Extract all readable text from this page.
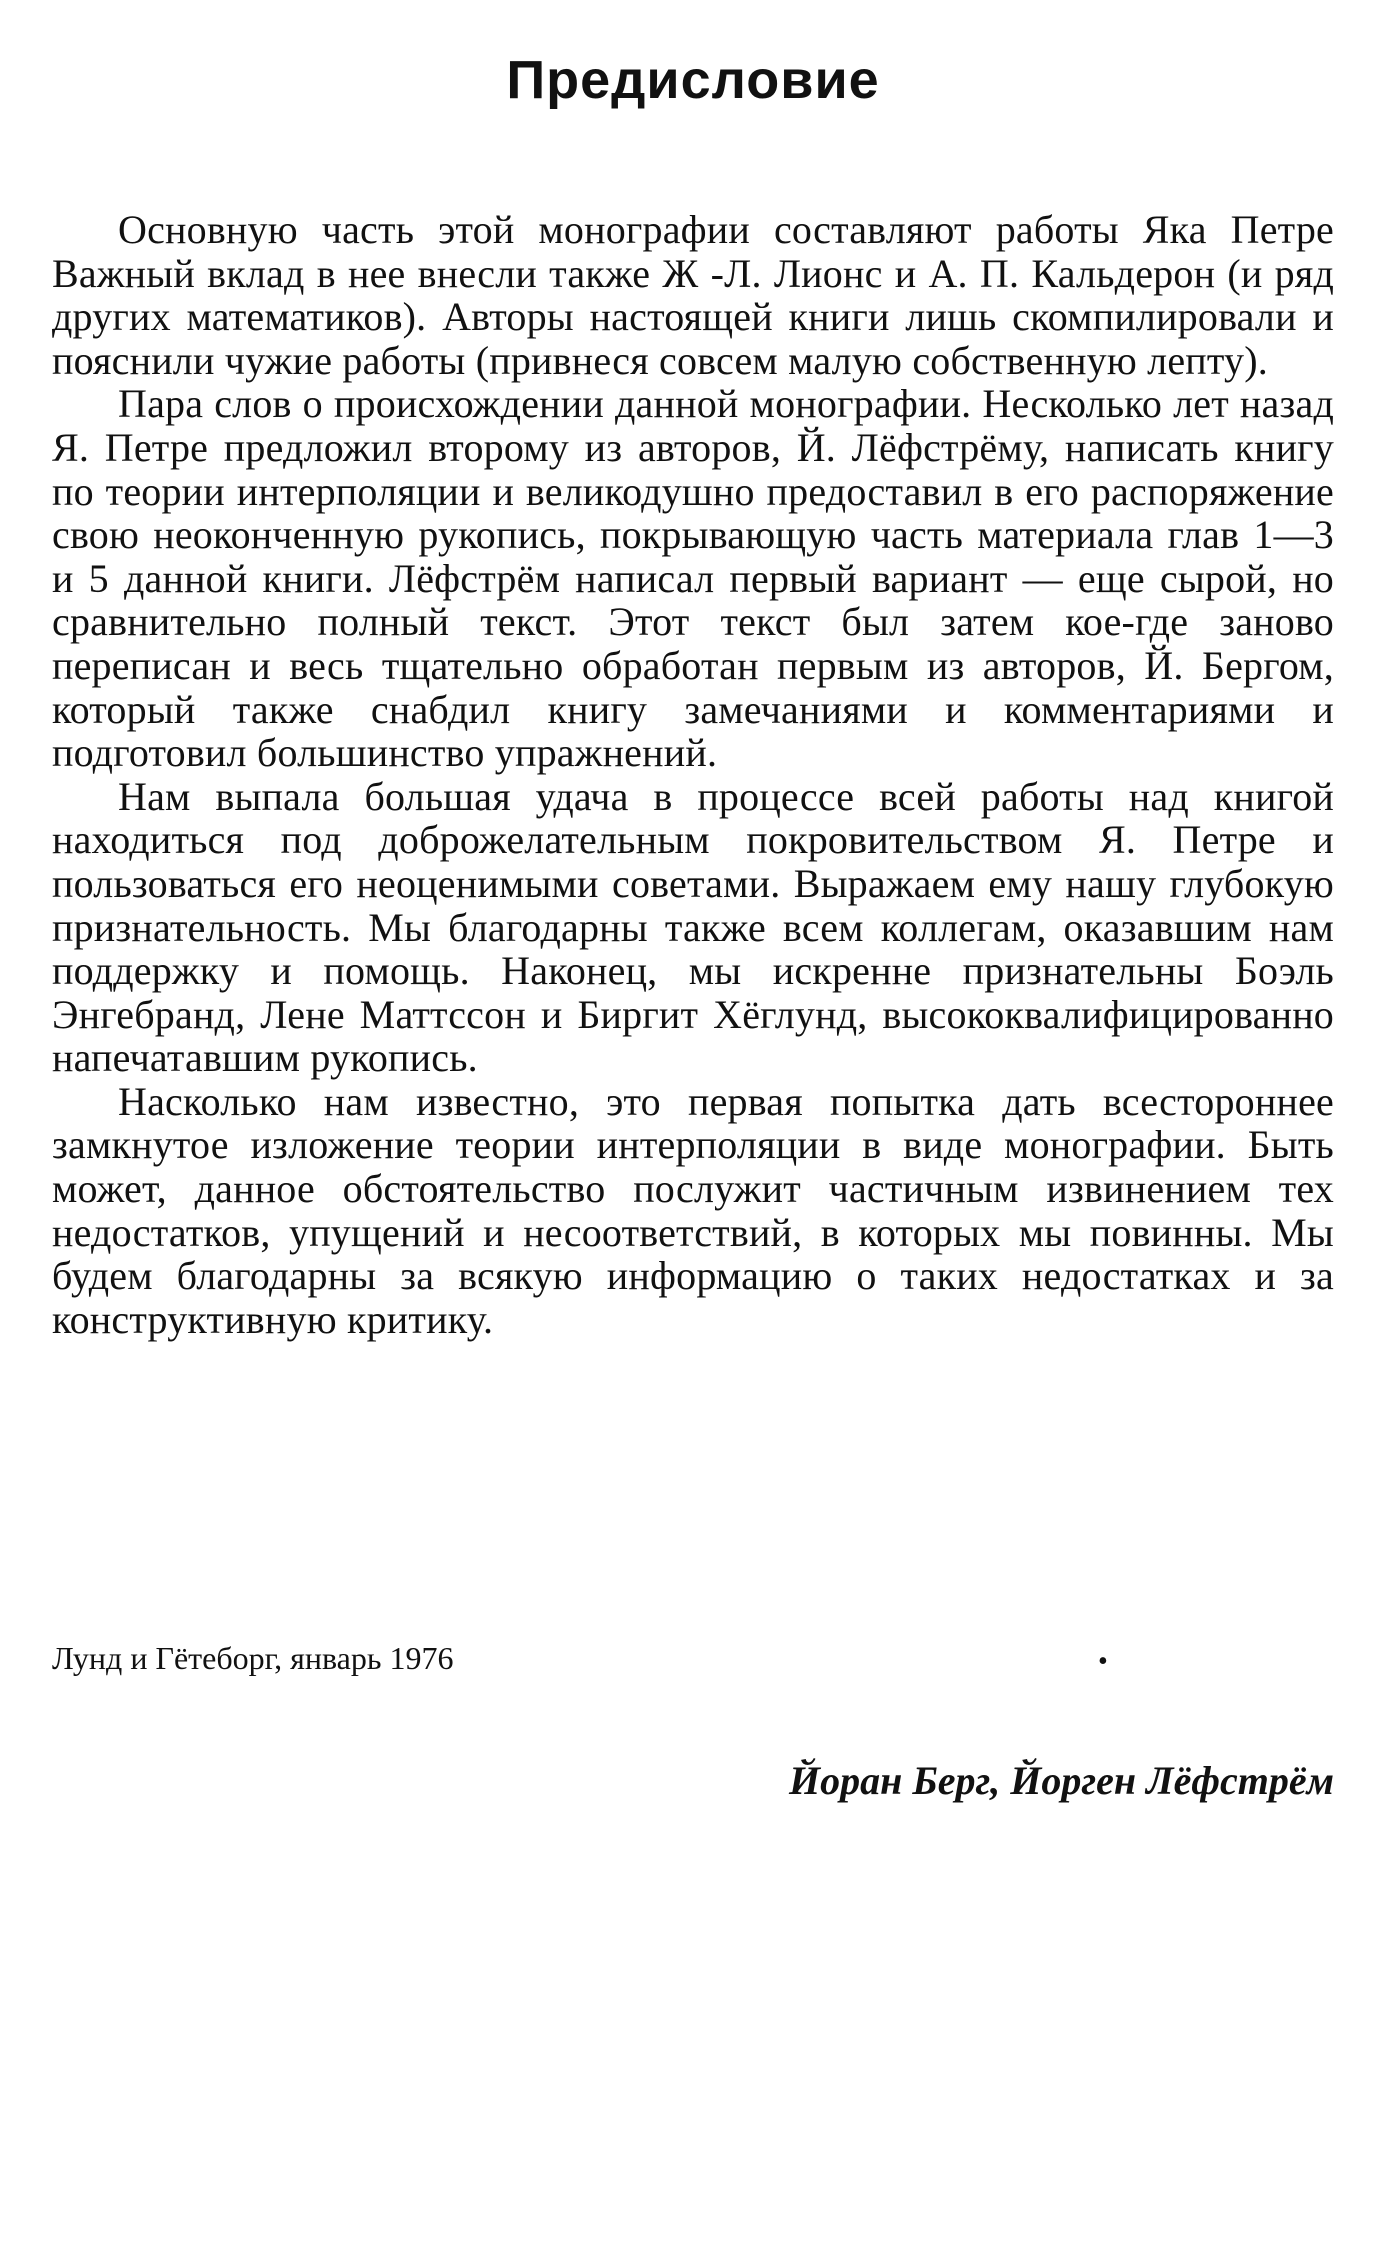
Предисловие

Основную часть этой монографии составляют работы Яка Петре Важный вклад в нее внесли также Ж -Л. Лионс и А. П. Кальдерон (и ряд других математиков). Авторы настоящей книги лишь скомпилировали и пояснили чужие работы (привнеся совсем малую собственную лепту).

Пара слов о происхождении данной монографии. Несколько лет назад Я. Петре предложил второму из авторов, Й. Лёфстрёму, написать книгу по теории интерполяции и великодушно предоставил в его распоряжение свою неоконченную рукопись, покрывающую часть материала глав 1—3 и 5 данной книги. Лёфстрём написал первый вариант — еще сырой, но сравнительно полный текст. Этот текст был затем кое-где заново переписан и весь тщательно обработан первым из авторов, Й. Бергом, который также снабдил книгу замечаниями и комментариями и подготовил большинство упражнений.

Нам выпала большая удача в процессе всей работы над книгой находиться под доброжелательным покровительством Я. Петре и пользоваться его неоценимыми советами. Выражаем ему нашу глубокую признательность. Мы благодарны также всем коллегам, оказавшим нам поддержку и помощь. Наконец, мы искренне признательны Боэль Энгебранд, Лене Маттсcон и Биргит Хёглунд, высококвалифицированно напечатавшим рукопись.

Насколько нам известно, это первая попытка дать всестороннее замкнутое изложение теории интерполяции в виде монографии. Быть может, данное обстоятельство послужит частичным извинением тех недостатков, упущений и несоответствий, в которых мы повинны. Мы будем благодарны за всякую информацию о таких недостатках и за конструктивную критику.

Лунд и Гётеборг, январь 1976	•

Йоран Берг, Йорген Лёфстрём
